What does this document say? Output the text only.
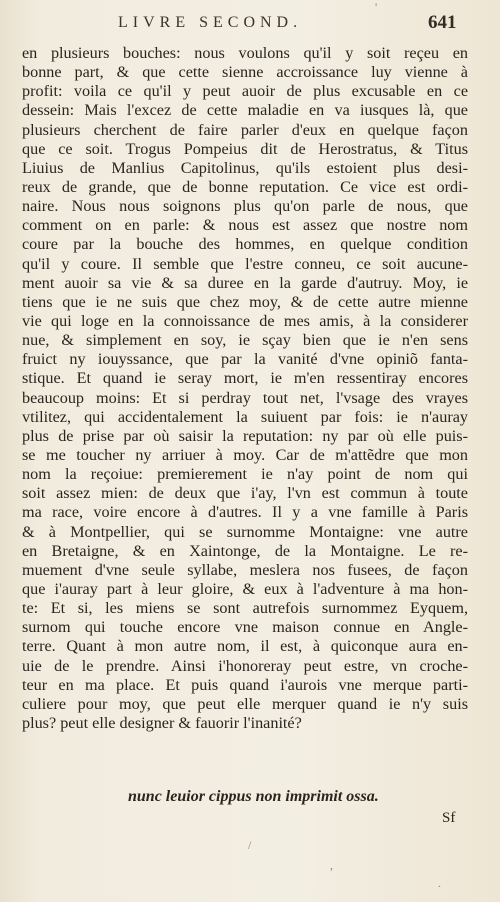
LIVRE SECOND.	641
en plusieurs bouches: nous voulons qu'il y soit reçeu en
bonne part, & que cette sienne accroissance luy vienne à
profit: voila ce qu'il y peut auoir de plus excusable en ce
dessein: Mais l'excez de cette maladie en va iusques là, que
plusieurs cherchent de faire parler d'eux en quelque façon
que ce soit. Trogus Pompeius dit de Herostratus, & Titus
Liuius de Manlius Capitolinus, qu'ils estoient plus desi-
reux de grande, que de bonne reputation. Ce vice est ordi-
naire. Nous nous soignons plus qu'on parle de nous, que
comment on en parle: & nous est assez que nostre nom
coure par la bouche des hommes, en quelque condition
qu'il y coure. Il semble que l'estre conneu, ce soit aucune-
ment auoir sa vie & sa duree en la garde d'autruy. Moy, ie
tiens que ie ne suis que chez moy, & de cette autre mienne
vie qui loge en la connoissance de mes amis, à la considerer
nue, & simplement en soy, ie sçay bien que ie n'en sens
fruict ny iouyssance, que par la vanité d'vne opiniõ fanta-
stique. Et quand ie seray mort, ie m'en ressentiray encores
beaucoup moins: Et si perdray tout net, l'vsage des vrayes
vtilitez, qui accidentalement la suiuent par fois: ie n'auray
plus de prise par où saisir la reputation: ny par où elle puis-
se me toucher ny arriuer à moy. Car de m'attẽdre que mon
nom la reçoiue: premierement ie n'ay point de nom qui
soit assez mien: de deux que i'ay, l'vn est commun à toute
ma race, voire encore à d'autres. Il y a vne famille à Paris
& à Montpellier, qui se surnomme Montaigne: vne autre
en Bretaigne, & en Xaintonge, de la Montaigne. Le re-
muement d'vne seule syllabe, meslera nos fusees, de façon
que i'auray part à leur gloire, & eux à l'adventure à ma hon-
te: Et si, les miens se sont autrefois surnommez Eyquem,
surnom qui touche encore vne maison connue en Angle-
terre. Quant à mon autre nom, il est, à quiconque aura en-
uie de le prendre. Ainsi i'honoreray peut estre, vn croche-
teur en ma place. Et puis quand i'aurois vne merque parti-
culiere pour moy, que peut elle merquer quand ie n'y suis
plus? peut elle designer & fauorir l'inanité?
nunc leuior cippus non imprimit ossa.
Sf
'
/
,
.
